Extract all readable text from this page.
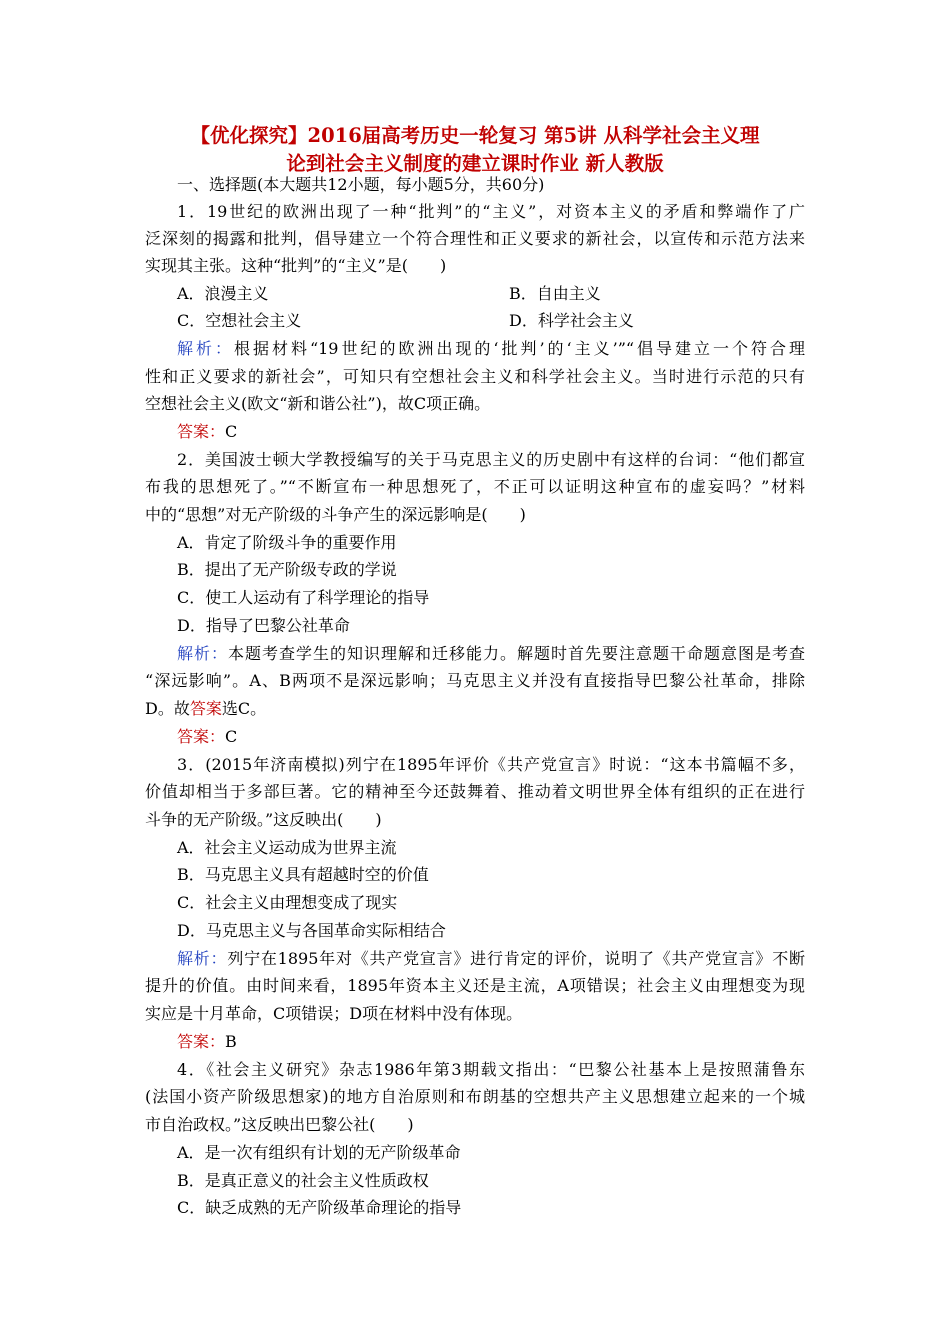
【优化探究】2016届高考历史一轮复习 第5讲 从科学社会主义理
论到社会主义制度的建立课时作业 新人教版
一、选择题(本大题共12小题，每小题5分，共60分)
1．19世纪的欧洲出现了一种“批判”的“主义”，对资本主义的矛盾和弊端作了广
泛深刻的揭露和批判，倡导建立一个符合理性和正义要求的新社会，以宣传和示范方法来
实现其主张。这种“批判”的“主义”是(　　)
A．浪漫主义	B．自由主义
C．空想社会主义	D．科学社会主义
解析：根据材料“19世纪的欧洲出现的‘批判’的‘主义’”“倡导建立一个符合理
性和正义要求的新社会”，可知只有空想社会主义和科学社会主义。当时进行示范的只有
空想社会主义(欧文“新和谐公社”)，故C项正确。
答案：C
2．美国波士顿大学教授编写的关于马克思主义的历史剧中有这样的台词：“他们都宣
布我的思想死了。”“不断宣布一种思想死了，不正可以证明这种宣布的虚妄吗？”材料
中的“思想”对无产阶级的斗争产生的深远影响是(　　)
A．肯定了阶级斗争的重要作用
B．提出了无产阶级专政的学说
C．使工人运动有了科学理论的指导
D．指导了巴黎公社革命
解析：本题考查学生的知识理解和迁移能力。解题时首先要注意题干命题意图是考查
“深远影响”。A、B两项不是深远影响；马克思主义并没有直接指导巴黎公社革命，排除
D。故答案选C。
答案：C
3．(2015年济南模拟)列宁在1895年评价《共产党宣言》时说：“这本书篇幅不多，
价值却相当于多部巨著。它的精神至今还鼓舞着、推动着文明世界全体有组织的正在进行
斗争的无产阶级。”这反映出(　　)
A．社会主义运动成为世界主流
B．马克思主义具有超越时空的价值
C．社会主义由理想变成了现实
D．马克思主义与各国革命实际相结合
解析：列宁在1895年对《共产党宣言》进行肯定的评价，说明了《共产党宣言》不断
提升的价值。由时间来看，1895年资本主义还是主流，A项错误；社会主义由理想变为现
实应是十月革命，C项错误；D项在材料中没有体现。
答案：B
4．《社会主义研究》杂志1986年第3期载文指出：“巴黎公社基本上是按照蒲鲁东
(法国小资产阶级思想家)的地方自治原则和布朗基的空想共产主义思想建立起来的一个城
市自治政权。”这反映出巴黎公社(　　)
A．是一次有组织有计划的无产阶级革命
B．是真正意义的社会主义性质政权
C．缺乏成熟的无产阶级革命理论的指导
